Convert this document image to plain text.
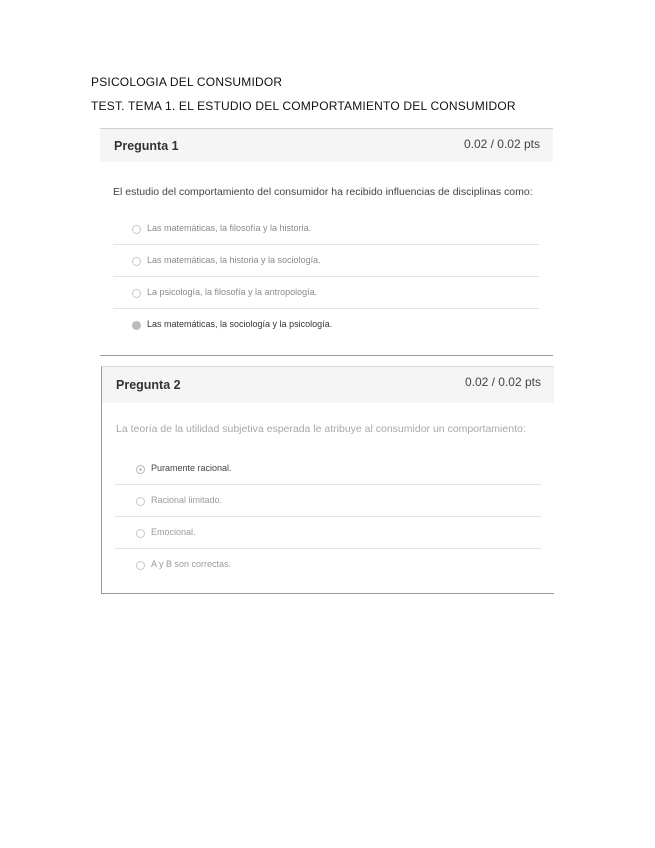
PSICOLOGIA DEL CONSUMIDOR
TEST. TEMA 1. EL ESTUDIO DEL COMPORTAMIENTO DEL CONSUMIDOR
Pregunta 1	0.02 / 0.02 pts
El estudio del comportamiento del consumidor ha recibido influencias de disciplinas como:
Las matemáticas, la filosofía y la historia.
Las matemáticas, la historia y la sociología.
La psicología, la filosofía y la antropología.
Las matemáticas, la sociología y la psicología.
Pregunta 2	0.02 / 0.02 pts
La teoría de la utilidad subjetiva esperada le atribuye al consumidor un comportamiento:
Puramente racional.
Racional limitado.
Emocional.
A y B son correctas.
